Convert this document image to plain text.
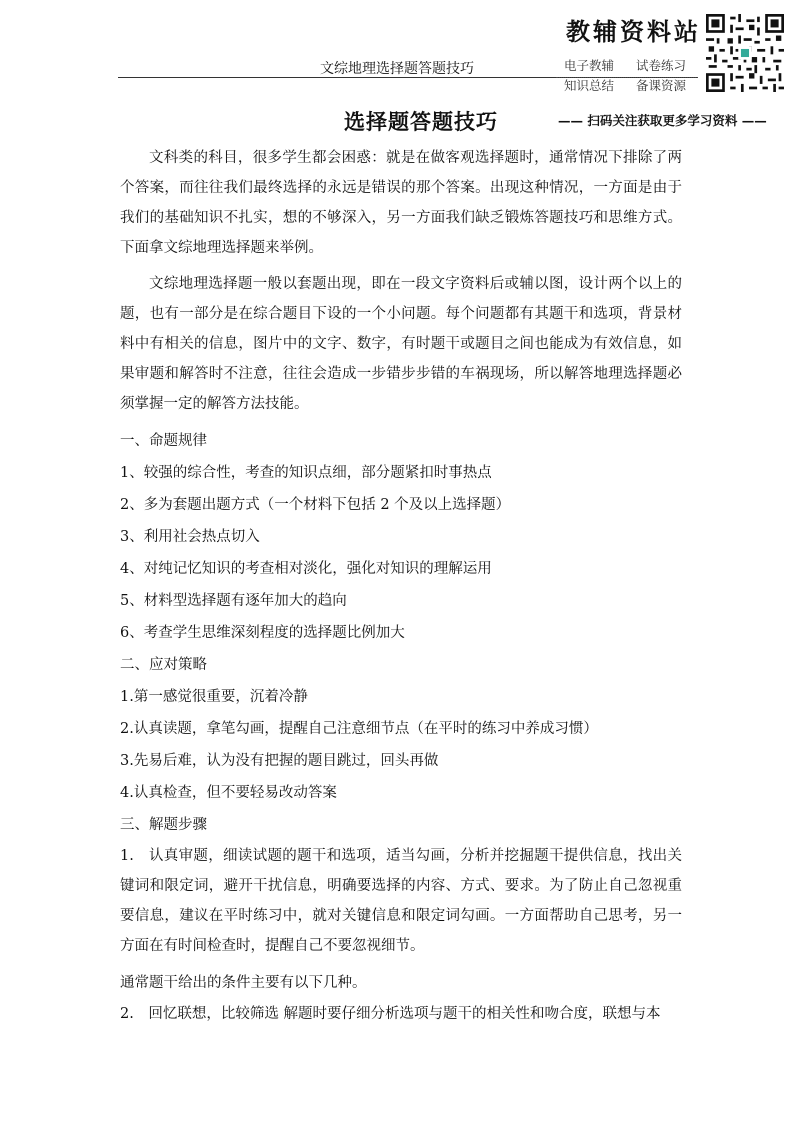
教辅资料站
文综地理选择题答题技巧	电子教辅 试卷练习
知识总结 备课资源
选择题答题技巧	—— 扫码关注获取更多学习资料 ——

文科类的科目，很多学生都会困惑：就是在做客观选择题时，通常情况下排除了两个答案，而往往我们最终选择的永远是错误的那个答案。出现这种情况，一方面是由于我们的基础知识不扎实，想的不够深入，另一方面我们缺乏锻炼答题技巧和思维方式。下面拿文综地理选择题来举例。

文综地理选择题一般以套题出现，即在一段文字资料后或辅以图，设计两个以上的题，也有一部分是在综合题目下设的一个小问题。每个问题都有其题干和选项，背景材料中有相关的信息，图片中的文字、数字，有时题干或题目之间也能成为有效信息，如果审题和解答时不注意，往往会造成一步错步步错的车祸现场，所以解答地理选择题必须掌握一定的解答方法技能。

一、命题规律

1、较强的综合性，考查的知识点细，部分题紧扣时事热点

2、多为套题出题方式（一个材料下包括 2 个及以上选择题）

3、利用社会热点切入

4、对纯记忆知识的考查相对淡化，强化对知识的理解运用

5、材料型选择题有逐年加大的趋向

6、考查学生思维深刻程度的选择题比例加大

二、应对策略

1.第一感觉很重要，沉着冷静

2.认真读题，拿笔勾画，提醒自己注意细节点（在平时的练习中养成习惯）

3.先易后难，认为没有把握的题目跳过，回头再做

4.认真检查，但不要轻易改动答案

三、解题步骤

1.　认真审题，细读试题的题干和选项，适当勾画，分析并挖掘题干提供信息，找出关键词和限定词，避开干扰信息，明确要选择的内容、方式、要求。为了防止自己忽视重要信息，建议在平时练习中，就对关键信息和限定词勾画。一方面帮助自己思考，另一方面在有时间检查时，提醒自己不要忽视细节。

通常题干给出的条件主要有以下几种。

2.　回忆联想，比较筛选 解题时要仔细分析选项与题干的相关性和吻合度，联想与本
